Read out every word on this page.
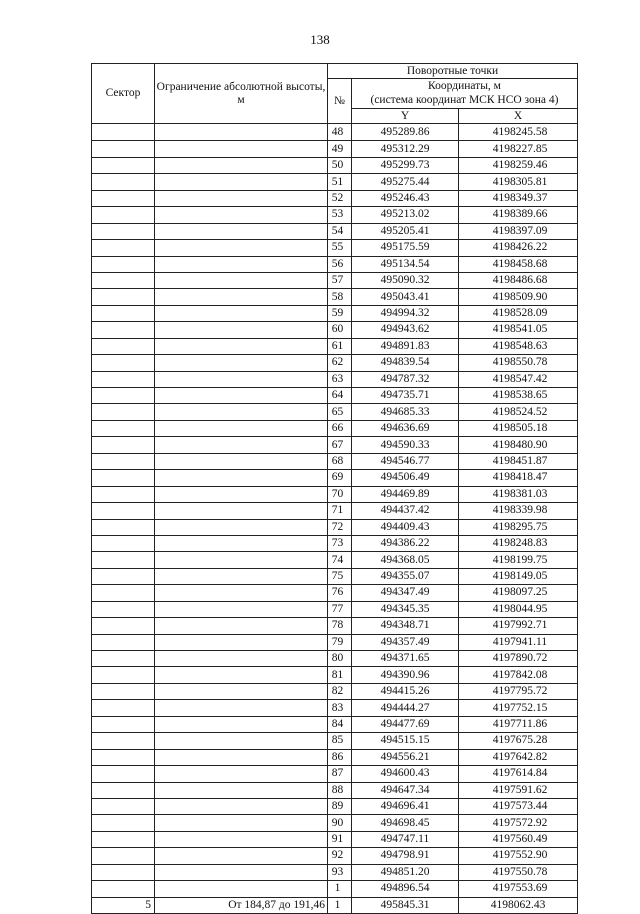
138
Сектор	Ограничение абсолютной высоты, м	Поворотные точки		
		№	Координаты, м	
			(система координат МСК НСО зона 4)	
			Y	X
		48	495289.86	4198245.58
		49	495312.29	4198227.85
		50	495299.73	4198259.46
		51	495275.44	4198305.81
		52	495246.43	4198349.37
		53	495213.02	4198389.66
		54	495205.41	4198397.09
		55	495175.59	4198426.22
		56	495134.54	4198458.68
		57	495090.32	4198486.68
		58	495043.41	4198509.90
		59	494994.32	4198528.09
		60	494943.62	4198541.05
		61	494891.83	4198548.63
		62	494839.54	4198550.78
		63	494787.32	4198547.42
		64	494735.71	4198538.65
		65	494685.33	4198524.52
		66	494636.69	4198505.18
		67	494590.33	4198480.90
		68	494546.77	4198451.87
		69	494506.49	4198418.47
		70	494469.89	4198381.03
		71	494437.42	4198339.98
		72	494409.43	4198295.75
		73	494386.22	4198248.83
		74	494368.05	4198199.75
		75	494355.07	4198149.05
		76	494347.49	4198097.25
		77	494345.35	4198044.95
		78	494348.71	4197992.71
		79	494357.49	4197941.11
		80	494371.65	4197890.72
		81	494390.96	4197842.08
		82	494415.26	4197795.72
		83	494444.27	4197752.15
		84	494477.69	4197711.86
		85	494515.15	4197675.28
		86	494556.21	4197642.82
		87	494600.43	4197614.84
		88	494647.34	4197591.62
		89	494696.41	4197573.44
		90	494698.45	4197572.92
		91	494747.11	4197560.49
		92	494798.91	4197552.90
		93	494851.20	4197550.78
		1	494896.54	4197553.69
5	От 184,87 до 191,46	1	495845.31	4198062.43
